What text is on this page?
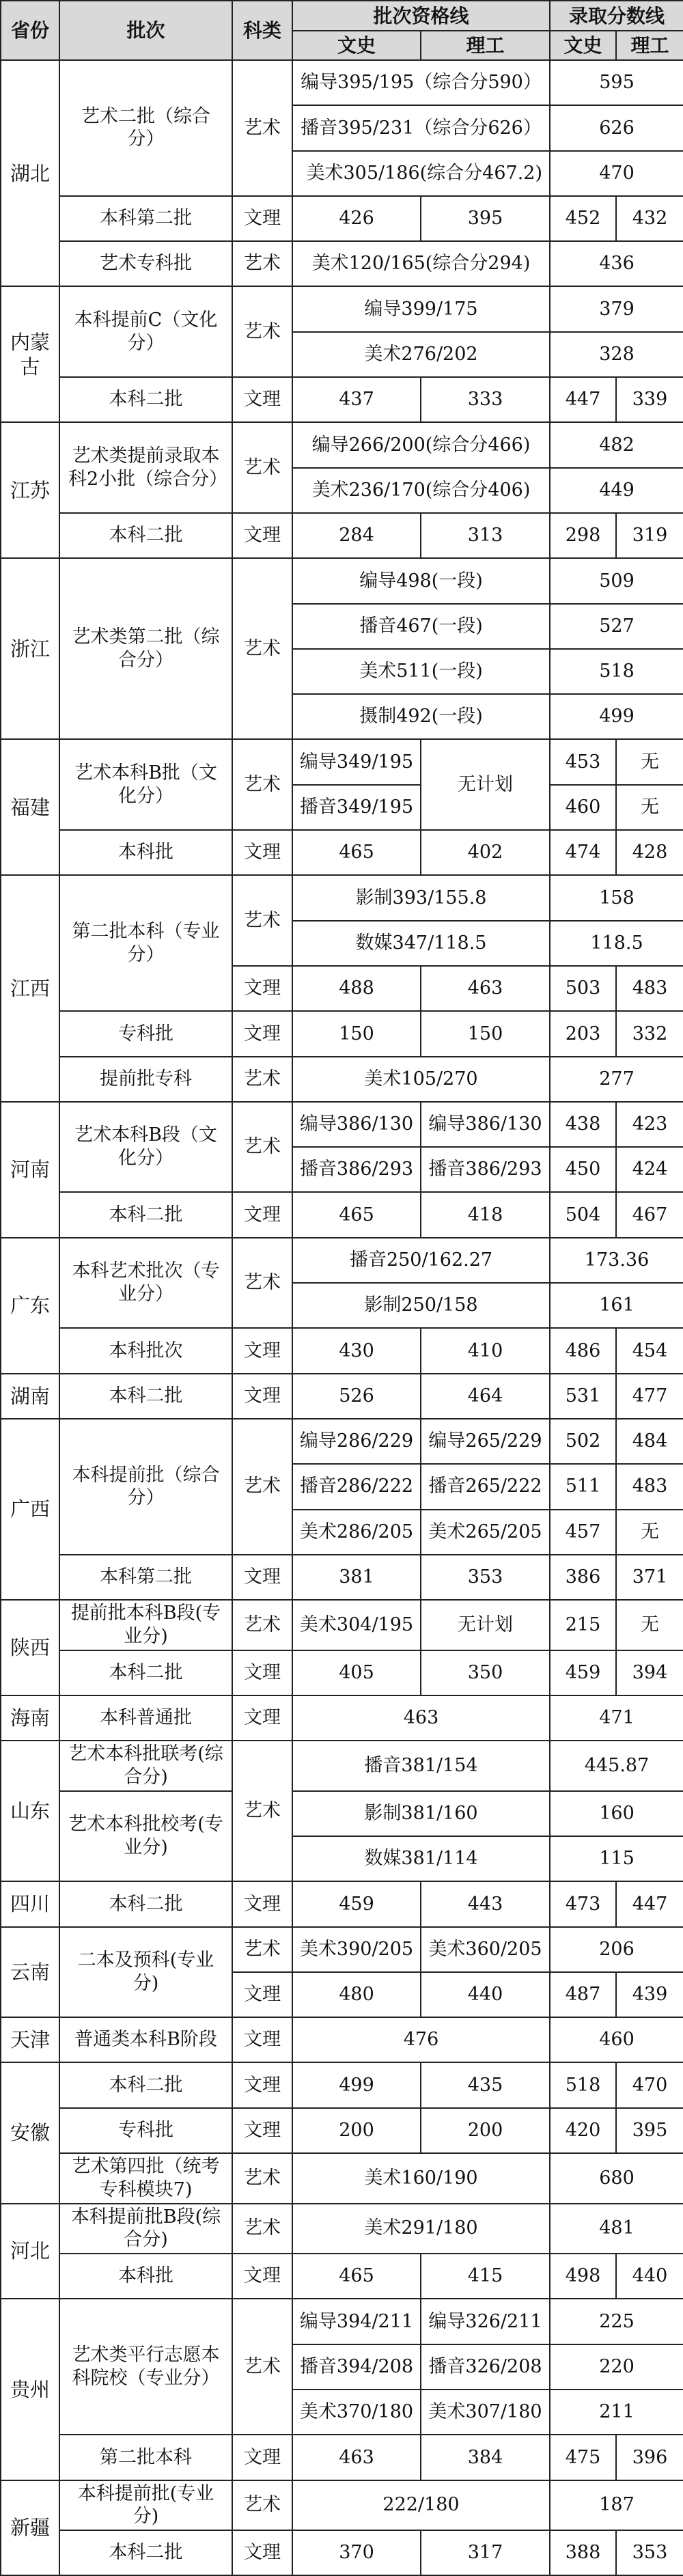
省份	批次	科类	批次资格线		录取分数线	
			文史	理工	文史	理工
湖北	艺术二批（综合分）	艺术	编导395/195（综合分590）		595	
			播音395/231（综合分626）		626	
			美术305/186(综合分467.2)		470	
	本科第二批	文理	426	395	452	432
	艺术专科批	艺术	美术120/165(综合分294)		436	
内蒙古	本科提前C（文化分）	艺术	编导399/175		379	
			美术276/202		328	
	本科二批	文理	437	333	447	339
江苏	艺术类提前录取本科2小批（综合分）	艺术	编导266/200(综合分466)		482	
			美术236/170(综合分406)		449	
	本科二批	文理	284	313	298	319
浙江	艺术类第二批（综合分）	艺术	编导498(一段)		509	
			播音467(一段)		527	
			美术511(一段)		518	
			摄制492(一段)		499	
福建	艺术本科B批（文化分）	艺术	编导349/195	无计划	453	无
			播音349/195		460	无
	本科批	文理	465	402	474	428
江西	第二批本科（专业分）	艺术	影制393/155.8		158	
			数媒347/118.5		118.5	
		文理	488	463	503	483
	专科批	文理	150	150	203	332
	提前批专科	艺术	美术105/270		277	
河南	艺术本科B段（文化分）	艺术	编导386/130	编导386/130	438	423
			播音386/293	播音386/293	450	424
	本科二批	文理	465	418	504	467
广东	本科艺术批次（专业分）	艺术	播音250/162.27		173.36	
			影制250/158		161	
	本科批次	文理	430	410	486	454
湖南	本科二批	文理	526	464	531	477
广西	本科提前批（综合分）	艺术	编导286/229	编导265/229	502	484
			播音286/222	播音265/222	511	483
			美术286/205	美术265/205	457	无
	本科第二批	文理	381	353	386	371
陕西	提前批本科B段(专业分)	艺术	美术304/195	无计划	215	无
	本科二批	文理	405	350	459	394
海南	本科普通批	文理	463		471	
山东	艺术本科批联考(综合分)	艺术	播音381/154		445.87	
	艺术本科批校考(专业分)		影制381/160		160	
			数媒381/114		115	
四川	本科二批	文理	459	443	473	447
云南	二本及预科(专业分)	艺术	美术390/205	美术360/205	206	
		文理	480	440	487	439
天津	普通类本科B阶段	文理	476		460	
安徽	本科二批	文理	499	435	518	470
	专科批	文理	200	200	420	395
	艺术第四批（统考专科模块7)	艺术	美术160/190		680	
河北	本科提前批B段(综合分)	艺术	美术291/180		481	
	本科批	文理	465	415	498	440
贵州	艺术类平行志愿本科院校（专业分）	艺术	编导394/211	编导326/211	225	
			播音394/208	播音326/208	220	
			美术370/180	美术307/180	211	
	第二批本科	文理	463	384	475	396
新疆	本科提前批(专业分)	艺术	222/180		187	
	本科二批	文理	370	317	388	353
